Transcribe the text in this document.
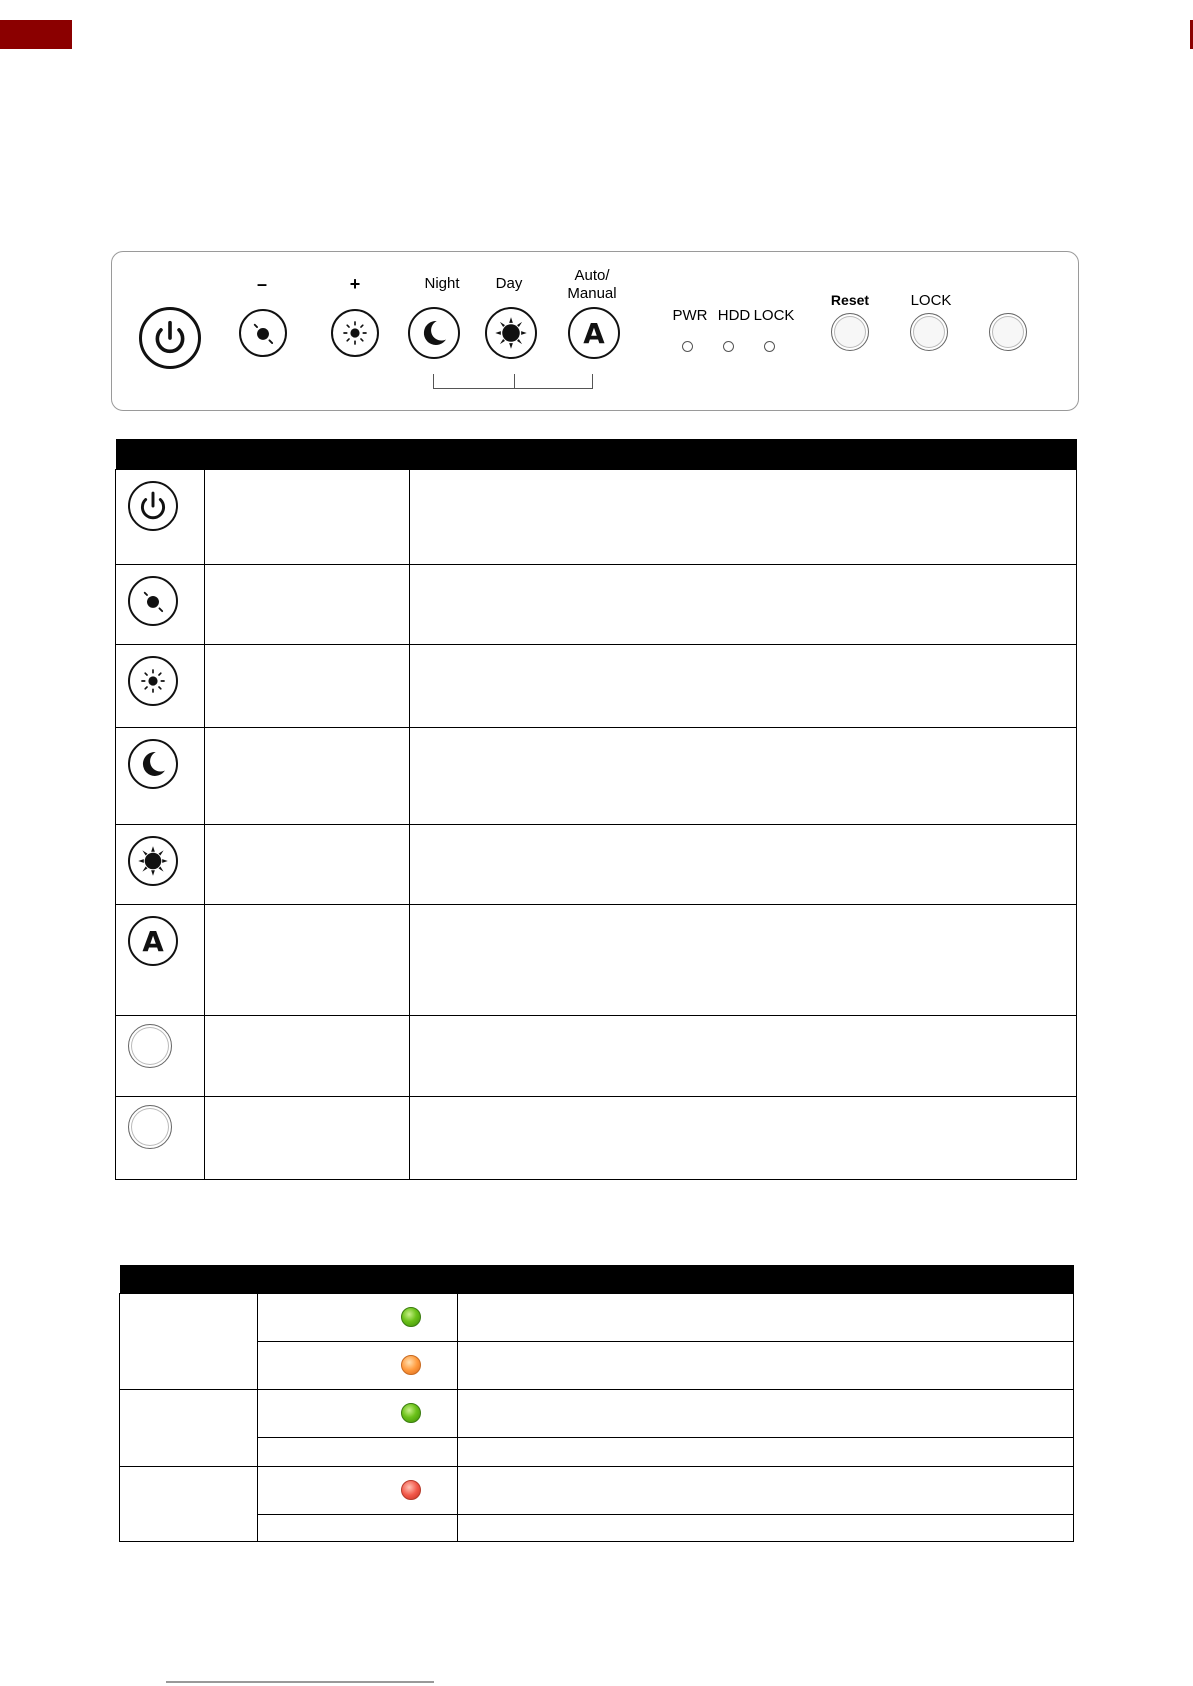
–	+	Night	Day	Auto/
Manual
A
PWR HDD LOCK
Reset	LOCK

A		
